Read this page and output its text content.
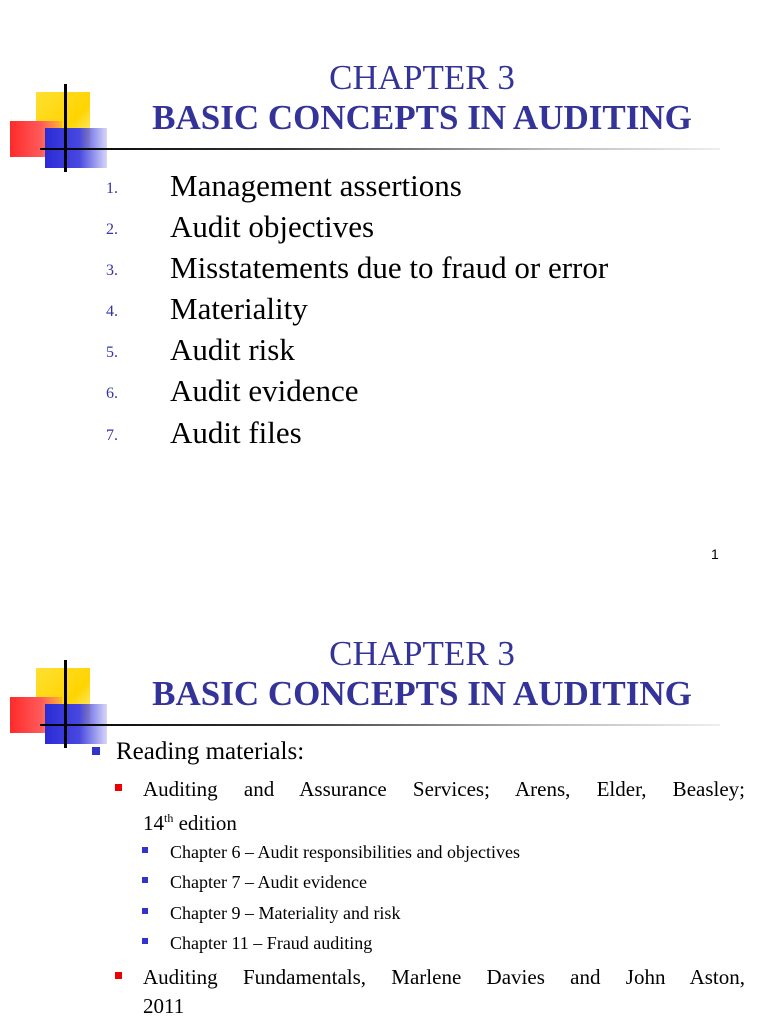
CHAPTER 3
BASIC CONCEPTS IN AUDITING
1. Management assertions
2. Audit objectives
3. Misstatements due to fraud or error
4. Materiality
5. Audit risk
6. Audit evidence
7. Audit files
1
CHAPTER 3
BASIC CONCEPTS IN AUDITING
Reading materials:
Auditing and Assurance Services; Arens, Elder, Beasley;
14th edition
Chapter 6 – Audit responsibilities and objectives
Chapter 7 – Audit evidence
Chapter 9 – Materiality and risk
Chapter 11 – Fraud auditing
Auditing Fundamentals, Marlene Davies and John Aston,
2011
